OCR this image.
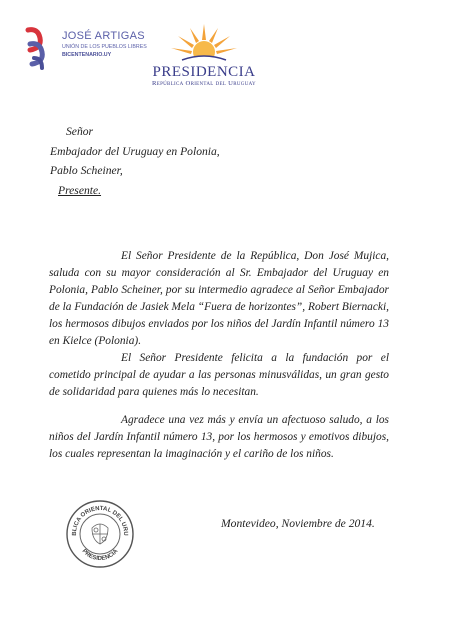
JOSÉ ARTIGAS
UNIÓN DE LOS PUEBLOS LIBRES
BICENTENARIO.UY
PRESIDENCIA
República Oriental del Uruguay
Señor
Embajador del Uruguay en Polonia,
Pablo Scheiner,
Presente.

El Señor Presidente de la República, Don José Mujica, saluda con su mayor consideración al Sr. Embajador del Uruguay en Polonia, Pablo Scheiner, por su intermedio agradece al Señor Embajador de la Fundación de Jasiek Mela “Fuera de horizontes”, Robert Biernacki, los hermosos dibujos enviados por los niños del Jardín Infantil número 13 en Kielce (Polonia).

El Señor Presidente felicita a la fundación por el cometido principal de ayudar a las personas minusválidas, un gran gesto de solidaridad para quienes más lo necesitan.

Agradece una vez más y envía un afectuoso saludo, a los niños del Jardín Infantil número 13, por los hermosos y emotivos dibujos, los cuales representan la imaginación y el cariño de los niños.

BLICA ORIENTAL DEL URU
PRESIDENCIA
Montevideo, Noviembre de 2014.
